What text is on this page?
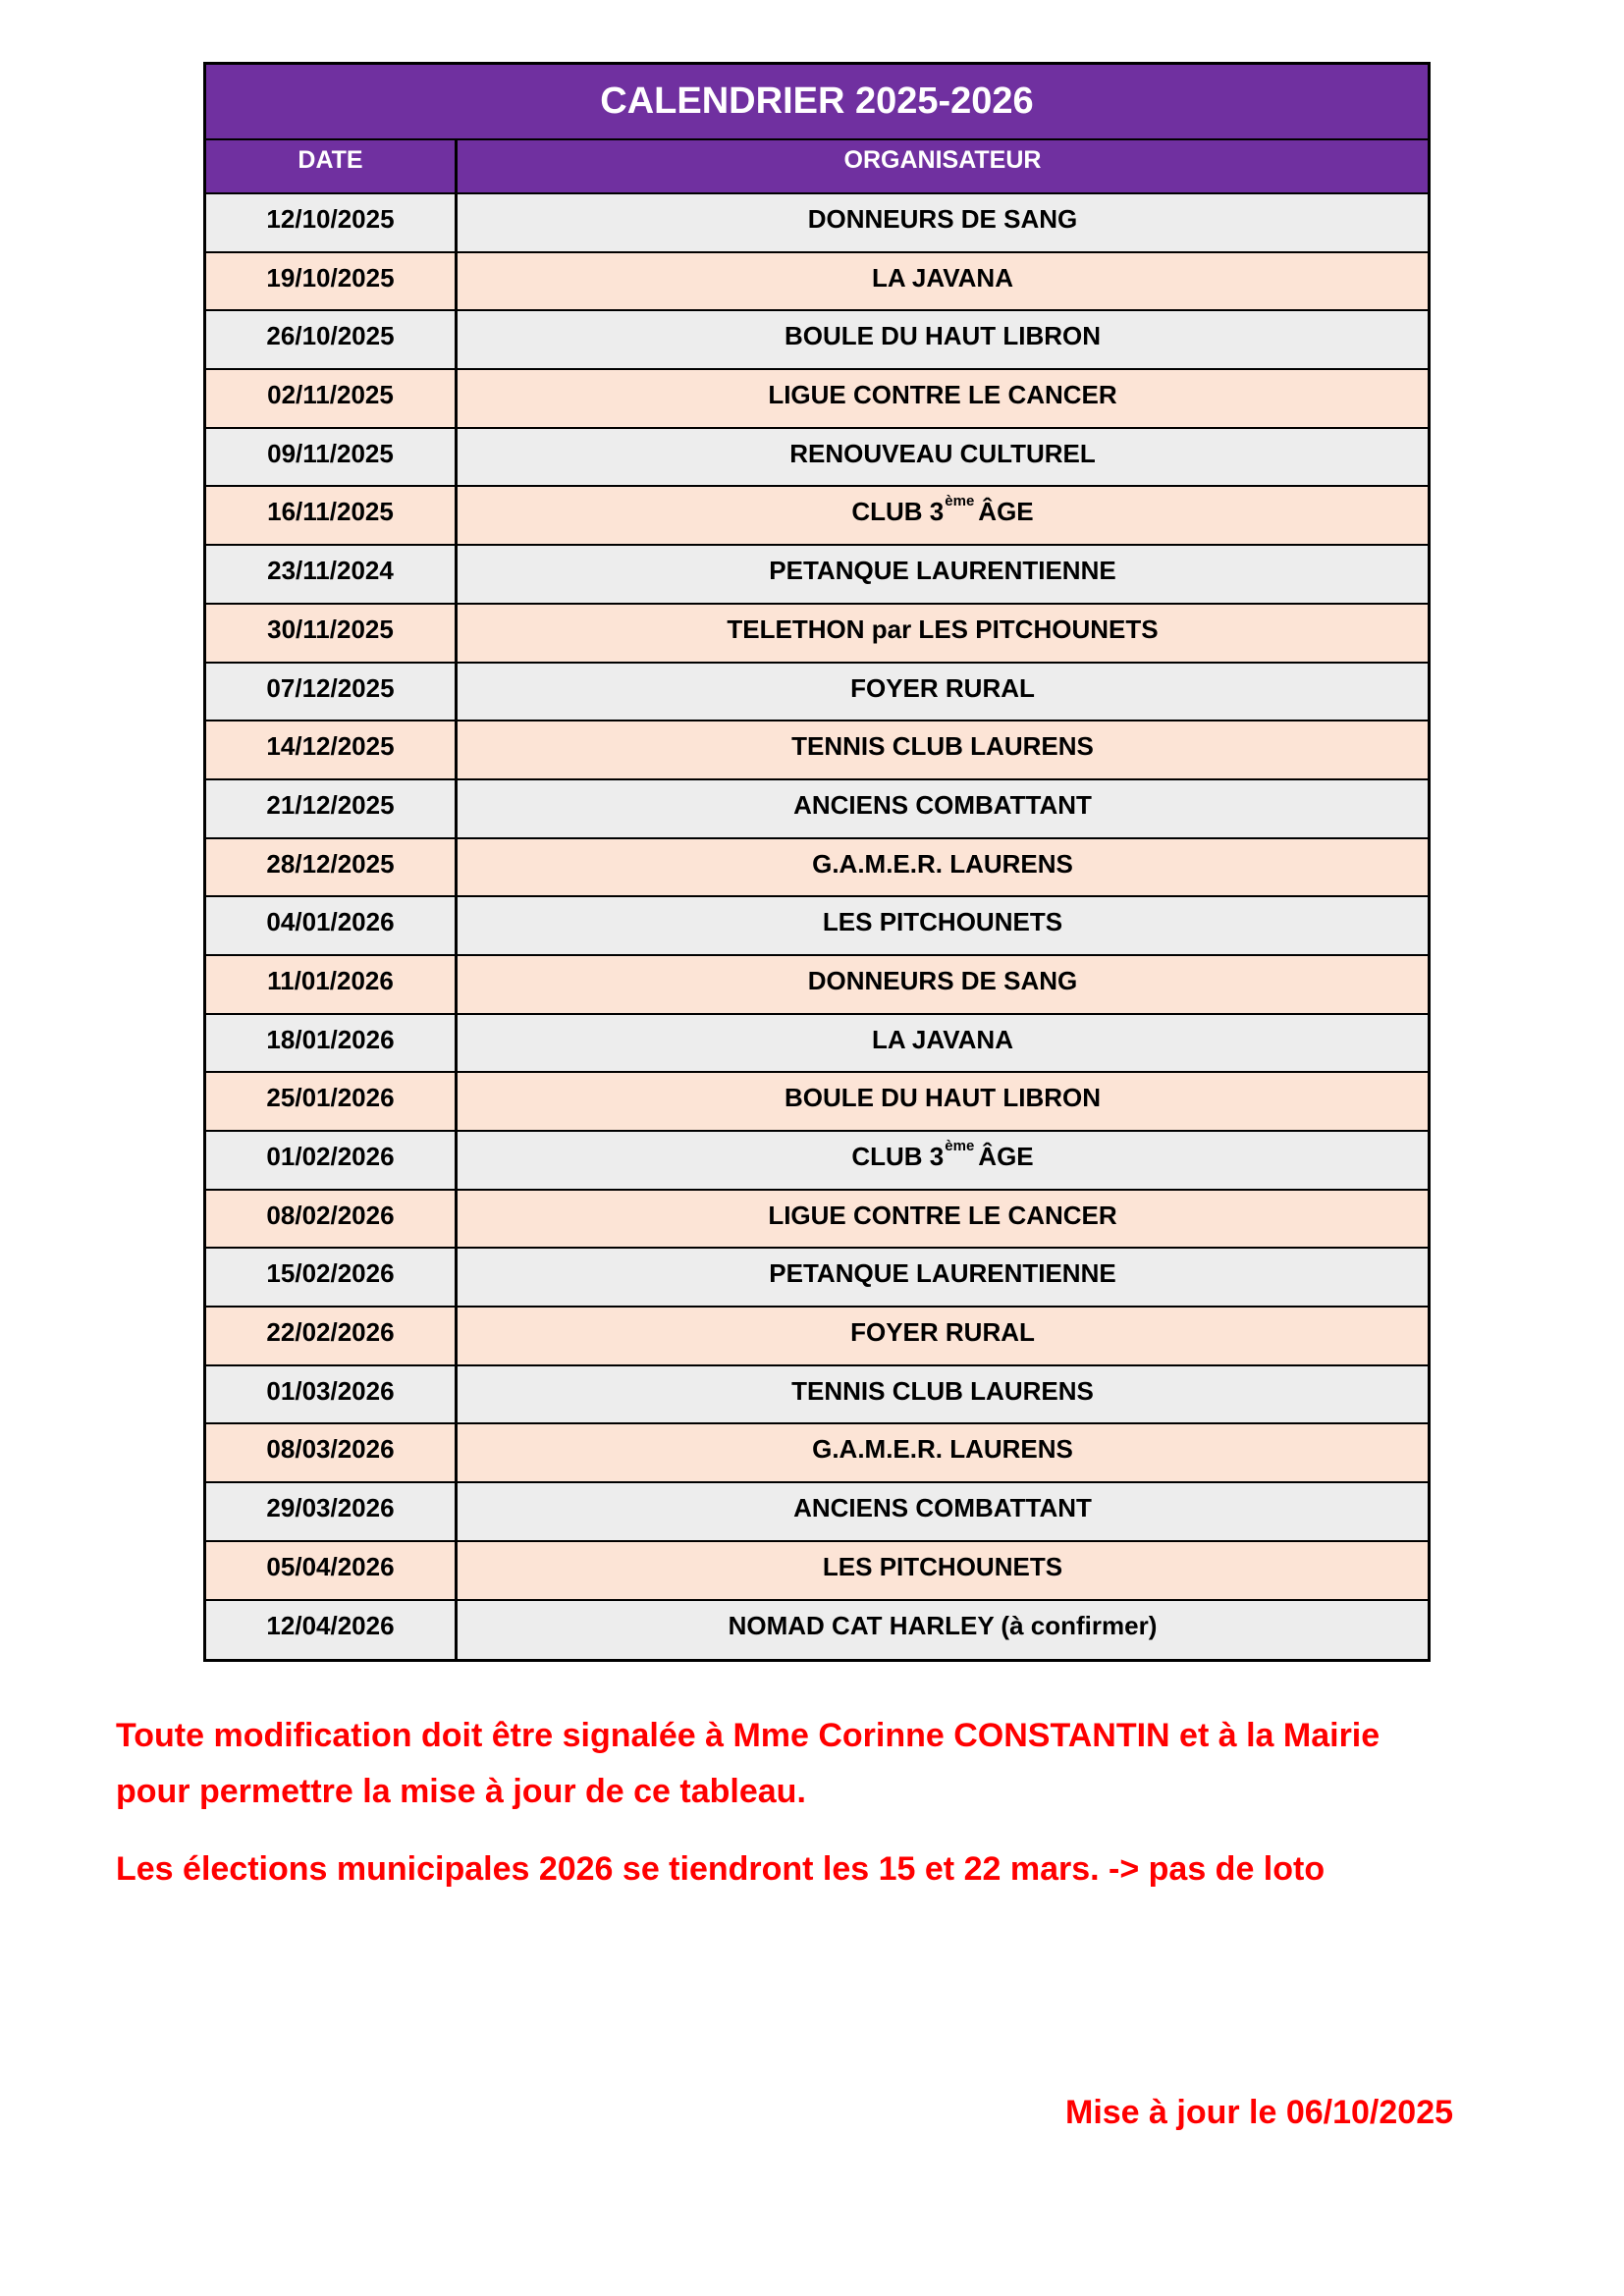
CALENDRIER 2025-2026
DATE	ORGANISATEUR
12/10/2025	DONNEURS DE SANG
19/10/2025	LA JAVANA
26/10/2025	BOULE DU HAUT LIBRON
02/11/2025	LIGUE CONTRE LE CANCER
09/11/2025	RENOUVEAU CULTUREL
16/11/2025	CLUB 3ème ÂGE
23/11/2024	PETANQUE LAURENTIENNE
30/11/2025	TELETHON par LES PITCHOUNETS
07/12/2025	FOYER RURAL
14/12/2025	TENNIS CLUB LAURENS
21/12/2025	ANCIENS COMBATTANT
28/12/2025	G.A.M.E.R. LAURENS
04/01/2026	LES PITCHOUNETS
11/01/2026	DONNEURS DE SANG
18/01/2026	LA JAVANA
25/01/2026	BOULE DU HAUT LIBRON
01/02/2026	CLUB 3ème ÂGE
08/02/2026	LIGUE CONTRE LE CANCER
15/02/2026	PETANQUE LAURENTIENNE
22/02/2026	FOYER RURAL
01/03/2026	TENNIS CLUB LAURENS
08/03/2026	G.A.M.E.R. LAURENS
29/03/2026	ANCIENS COMBATTANT
05/04/2026	LES PITCHOUNETS
12/04/2026	NOMAD CAT HARLEY (à confirmer)

Toute modification doit être signalée à Mme Corinne CONSTANTIN et à la Mairie
pour permettre la mise à jour de ce tableau.

Les élections municipales 2026 se tiendront les 15 et 22 mars. -> pas de loto

Mise à jour le 06/10/2025
